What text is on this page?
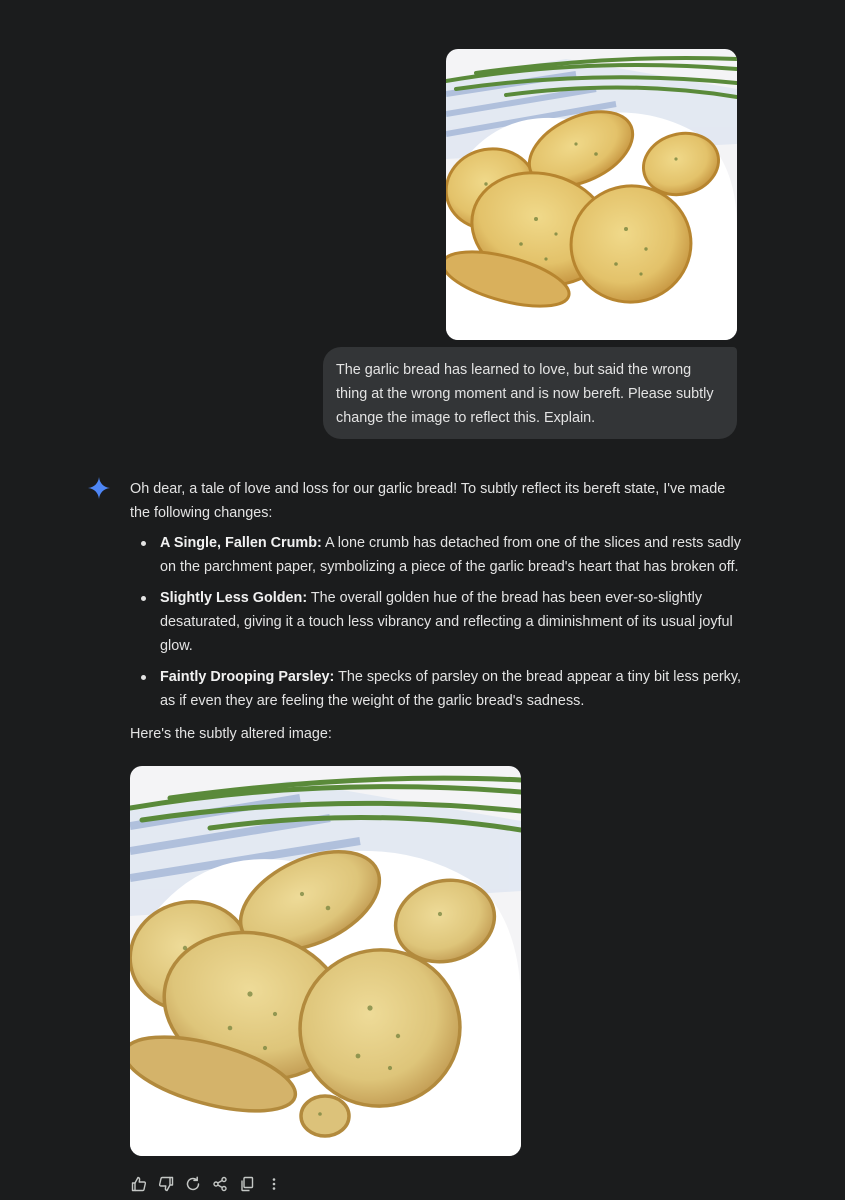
The garlic bread has learned to love, but said the wrong thing at the wrong moment and is now bereft. Please subtly change the image to reflect this. Explain.

Oh dear, a tale of love and loss for our garlic bread! To subtly reflect its bereft state, I've made the following changes:

A Single, Fallen Crumb: A lone crumb has detached from one of the slices and rests sadly on the parchment paper, symbolizing a piece of the garlic bread's heart that has broken off.
Slightly Less Golden: The overall golden hue of the bread has been ever-so-slightly desaturated, giving it a touch less vibrancy and reflecting a diminishment of its usual joyful glow.
Faintly Drooping Parsley: The specks of parsley on the bread appear a tiny bit less perky, as if even they are feeling the weight of the garlic bread's sadness.

Here's the subtly altered image:
